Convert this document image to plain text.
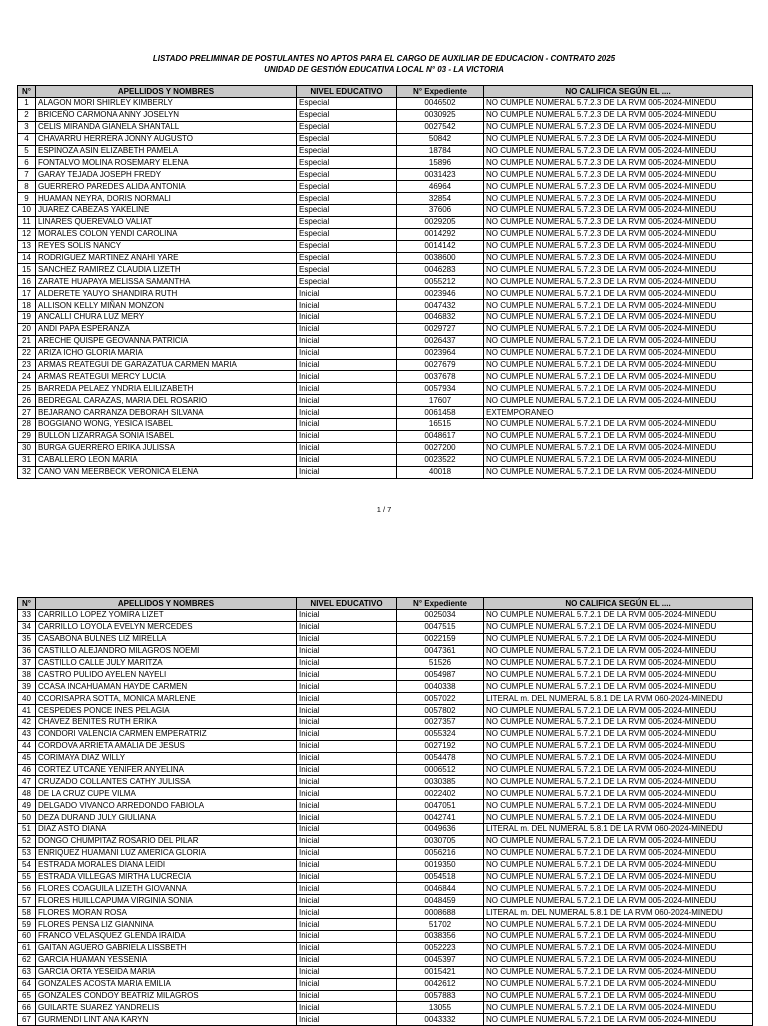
LISTADO PRELIMINAR DE POSTULANTES NO APTOS PARA EL CARGO DE AUXILIAR DE EDUCACION - CONTRATO 2025
UNIDAD DE GESTIÓN EDUCATIVA LOCAL N° 03 - LA VICTORIA
N°	APELLIDOS Y NOMBRES	NIVEL EDUCATIVO	N° Expediente	NO CALIFICA SEGÚN EL ....
1	ALAGON MORI SHIRLEY KIMBERLY	Especial	0046502	NO CUMPLE NUMERAL 5.7.2.3 DE LA RVM 005-2024-MINEDU
2	BRICEÑO CARMONA ANNY JOSELYN	Especial	0030925	NO CUMPLE NUMERAL 5.7.2.3 DE LA RVM 005-2024-MINEDU
3	CELIS MIRANDA GIANELA SHANTALL	Especial	0027542	NO CUMPLE NUMERAL 5.7.2.3 DE LA RVM 005-2024-MINEDU
4	CHAVARRU HERRERA JONNY AUGUSTO	Especial	50842	NO CUMPLE NUMERAL 5.7.2.3 DE LA RVM 005-2024-MINEDU
5	ESPINOZA ASIN ELIZABETH PAMELA	Especial	18784	NO CUMPLE NUMERAL 5.7.2.3 DE LA RVM 005-2024-MINEDU
6	FONTALVO MOLINA ROSEMARY ELENA	Especial	15896	NO CUMPLE NUMERAL 5.7.2.3 DE LA RVM 005-2024-MINEDU
7	GARAY TEJADA JOSEPH FREDY	Especial	0031423	NO CUMPLE NUMERAL 5.7.2.3 DE LA RVM 005-2024-MINEDU
8	GUERRERO PAREDES ALIDA ANTONIA	Especial	46964	NO CUMPLE NUMERAL 5.7.2.3 DE LA RVM 005-2024-MINEDU
9	HUAMAN NEYRA, DORIS NORMALI	Especial	32854	NO CUMPLE NUMERAL 5.7.2.3 DE LA RVM 005-2024-MINEDU
10	JUAREZ CABEZAS YAKELINE	Especial	37606	NO CUMPLE NUMERAL 5.7.2.3 DE LA RVM 005-2024-MINEDU
11	LINARES QUEREVALO VALIAT	Especial	0029205	NO CUMPLE NUMERAL 5.7.2.3 DE LA RVM 005-2024-MINEDU
12	MORALES COLON YENDI CAROLINA	Especial	0014292	NO CUMPLE NUMERAL 5.7.2.3 DE LA RVM 005-2024-MINEDU
13	REYES SOLIS NANCY	Especial	0014142	NO CUMPLE NUMERAL 5.7.2.3 DE LA RVM 005-2024-MINEDU
14	RODRIGUEZ MARTINEZ ANAHI YARE	Especial	0038600	NO CUMPLE NUMERAL 5.7.2.3 DE LA RVM 005-2024-MINEDU
15	SANCHEZ RAMIREZ CLAUDIA LIZETH	Especial	0046283	NO CUMPLE NUMERAL 5.7.2.3 DE LA RVM 005-2024-MINEDU
16	ZARATE HUAPAYA MELISSA SAMANTHA	Especial	0055212	NO CUMPLE NUMERAL 5.7.2.3 DE LA RVM 005-2024-MINEDU
17	ALDERETE YAUYO SHANDIRA RUTH	Inicial	0023946	NO CUMPLE NUMERAL 5.7.2.1 DE LA RVM 005-2024-MINEDU
18	ALLISON KELLY MIÑAN MONZON	Inicial	0047432	NO CUMPLE NUMERAL 5.7.2.1 DE LA RVM 005-2024-MINEDU
19	ANCALLI CHURA LUZ MERY	Inicial	0046832	NO CUMPLE NUMERAL 5.7.2.1 DE LA RVM 005-2024-MINEDU
20	ANDI PAPA ESPERANZA	Inicial	0029727	NO CUMPLE NUMERAL 5.7.2.1 DE LA RVM 005-2024-MINEDU
21	ARECHE QUISPE GEOVANNA PATRICIA	Inicial	0026437	NO CUMPLE NUMERAL 5.7.2.1 DE LA RVM 005-2024-MINEDU
22	ARIZA ICHO GLORIA MARIA	Inicial	0023964	NO CUMPLE NUMERAL 5.7.2.1 DE LA RVM 005-2024-MINEDU
23	ARMAS REATEGUI DE GARAZATUA CARMEN MARIA	Inicial	0027679	NO CUMPLE NUMERAL 5.7.2.1 DE LA RVM 005-2024-MINEDU
24	ARMAS REATEGUI MERCY LUCIA	Inicial	0037678	NO CUMPLE NUMERAL 5.7.2.1 DE LA RVM 005-2024-MINEDU
25	BARREDA PELAEZ YNDRIA ELILIZABETH	Inicial	0057934	NO CUMPLE NUMERAL 5.7.2.1 DE LA RVM 005-2024-MINEDU
26	BEDREGAL CARAZAS, MARIA DEL ROSARIO	Inicial	17607	NO CUMPLE NUMERAL 5.7.2.1 DE LA RVM 005-2024-MINEDU
27	BEJARANO CARRANZA DEBORAH SILVANA	Inicial	0061458	EXTEMPORANEO
28	BOGGIANO WONG, YESICA ISABEL	Inicial	16515	NO CUMPLE NUMERAL 5.7.2.1 DE LA RVM 005-2024-MINEDU
29	BULLON LIZARRAGA SONIA ISABEL	Inicial	0048617	NO CUMPLE NUMERAL 5.7.2.1 DE LA RVM 005-2024-MINEDU
30	BURGA GUERRERO ERIKA JULISSA	Inicial	0027200	NO CUMPLE NUMERAL 5.7.2.1 DE LA RVM 005-2024-MINEDU
31	CABALLERO LEON MARIA	Inicial	0023522	NO CUMPLE NUMERAL 5.7.2.1 DE LA RVM 005-2024-MINEDU
32	CANO VAN MEERBECK VERONICA ELENA	Inicial	40018	NO CUMPLE NUMERAL 5.7.2.1 DE LA RVM 005-2024-MINEDU
1 / 7
N°	APELLIDOS Y NOMBRES	NIVEL EDUCATIVO	N° Expediente	NO CALIFICA SEGÚN EL ....
33	CARRILLO LOPEZ YOMIRA LIZET	Inicial	0025034	NO CUMPLE NUMERAL 5.7.2.1 DE LA RVM 005-2024-MINEDU
34	CARRILLO LOYOLA EVELYN MERCEDES	Inicial	0047515	NO CUMPLE NUMERAL 5.7.2.1 DE LA RVM 005-2024-MINEDU
35	CASABONA BULNES LIZ MIRELLA	Inicial	0022159	NO CUMPLE NUMERAL 5.7.2.1 DE LA RVM 005-2024-MINEDU
36	CASTILLO ALEJANDRO MILAGROS NOEMI	Inicial	0047361	NO CUMPLE NUMERAL 5.7.2.1 DE LA RVM 005-2024-MINEDU
37	CASTILLO CALLE JULY MARITZA	Inicial	51526	NO CUMPLE NUMERAL 5.7.2.1 DE LA RVM 005-2024-MINEDU
38	CASTRO PULIDO AYELEN NAYELI	Inicial	0054987	NO CUMPLE NUMERAL 5.7.2.1 DE LA RVM 005-2024-MINEDU
39	CCASA INCAHUAMAN HAYDE CARMEN	Inicial	0040338	NO CUMPLE NUMERAL 5.7.2.1 DE LA RVM 005-2024-MINEDU
40	CCORISAPRA SOTTA, MONICA MARLENE	Inicial	0057022	LITERAL m. DEL NUMERAL 5.8.1 DE LA RVM 060-2024-MINEDU
41	CESPEDES PONCE INES PELAGIA	Inicial	0057802	NO CUMPLE NUMERAL 5.7.2.1 DE LA RVM 005-2024-MINEDU
42	CHAVEZ BENITES RUTH ERIKA	Inicial	0027357	NO CUMPLE NUMERAL 5.7.2.1 DE LA RVM 005-2024-MINEDU
43	CONDORI VALENCIA CARMEN EMPERATRIZ	Inicial	0055324	NO CUMPLE NUMERAL 5.7.2.1 DE LA RVM 005-2024-MINEDU
44	CORDOVA ARRIETA AMALIA DE JESUS	Inicial	0027192	NO CUMPLE NUMERAL 5.7.2.1 DE LA RVM 005-2024-MINEDU
45	CORIMAYA DIAZ WILLY	Inicial	0054478	NO CUMPLE NUMERAL 5.7.2.1 DE LA RVM 005-2024-MINEDU
46	CORTEZ UTCAÑE YENIFER ANYELINA	Inicial	0006512	NO CUMPLE NUMERAL 5.7.2.1 DE LA RVM 005-2024-MINEDU
47	CRUZADO COLLANTES CATHY JULISSA	Inicial	0030385	NO CUMPLE NUMERAL 5.7.2.1 DE LA RVM 005-2024-MINEDU
48	DE LA CRUZ CUPE VILMA	Inicial	0022402	NO CUMPLE NUMERAL 5.7.2.1 DE LA RVM 005-2024-MINEDU
49	DELGADO VIVANCO ARREDONDO FABIOLA	Inicial	0047051	NO CUMPLE NUMERAL 5.7.2.1 DE LA RVM 005-2024-MINEDU
50	DEZA DURAND JULY GIULIANA	Inicial	0042741	NO CUMPLE NUMERAL 5.7.2.1 DE LA RVM 005-2024-MINEDU
51	DIAZ ASTO DIANA	Inicial	0049636	LITERAL m. DEL NUMERAL 5.8.1 DE LA RVM 060-2024-MINEDU
52	DONGO CHUMPITAZ ROSARIO DEL PILAR	Inicial	0030705	NO CUMPLE NUMERAL 5.7.2.1 DE LA RVM 005-2024-MINEDU
53	ENRIQUEZ HUAMANI LUZ AMERICA GLORIA	Inicial	0056216	NO CUMPLE NUMERAL 5.7.2.1 DE LA RVM 005-2024-MINEDU
54	ESTRADA MORALES DIANA LEIDI	Inicial	0019350	NO CUMPLE NUMERAL 5.7.2.1 DE LA RVM 005-2024-MINEDU
55	ESTRADA VILLEGAS MIRTHA LUCRECIA	Inicial	0054518	NO CUMPLE NUMERAL 5.7.2.1 DE LA RVM 005-2024-MINEDU
56	FLORES COAGUILA LIZETH GIOVANNA	Inicial	0046844	NO CUMPLE NUMERAL 5.7.2.1 DE LA RVM 005-2024-MINEDU
57	FLORES HUILLCAPUMA VIRGINIA SONIA	Inicial	0048459	NO CUMPLE NUMERAL 5.7.2.1 DE LA RVM 005-2024-MINEDU
58	FLORES MORAN ROSA	Inicial	0008688	LITERAL m. DEL NUMERAL 5.8.1 DE LA RVM 060-2024-MINEDU
59	FLORES PENSA LIZ GIANNINA	Inicial	51702	NO CUMPLE NUMERAL 5.7.2.1 DE LA RVM 005-2024-MINEDU
60	FRANCO VELASQUEZ GLENDA IRAIDA	Inicial	0038356	NO CUMPLE NUMERAL 5.7.2.1 DE LA RVM 005-2024-MINEDU
61	GAITAN AGUERO GABRIELA LISSBETH	Inicial	0052223	NO CUMPLE NUMERAL 5.7.2.1 DE LA RVM 005-2024-MINEDU
62	GARCIA HUAMAN YESSENIA	Inicial	0045397	NO CUMPLE NUMERAL 5.7.2.1 DE LA RVM 005-2024-MINEDU
63	GARCIA ORTA YESEIDA MARIA	Inicial	0015421	NO CUMPLE NUMERAL 5.7.2.1 DE LA RVM 005-2024-MINEDU
64	GONZALES ACOSTA MARIA EMILIA	Inicial	0042612	NO CUMPLE NUMERAL 5.7.2.1 DE LA RVM 005-2024-MINEDU
65	GONZALES CONDOY BEATRIZ MILAGROS	Inicial	0057883	NO CUMPLE NUMERAL 5.7.2.1 DE LA RVM 005-2024-MINEDU
66	GUILARTE SUAREZ YANDRELIS	Inicial	13055	NO CUMPLE NUMERAL 5.7.2.1 DE LA RVM 005-2024-MINEDU
67	GURMENDI LINT ANA KARYN	Inicial	0043332	NO CUMPLE NUMERAL 5.7.2.1 DE LA RVM 005-2024-MINEDU
